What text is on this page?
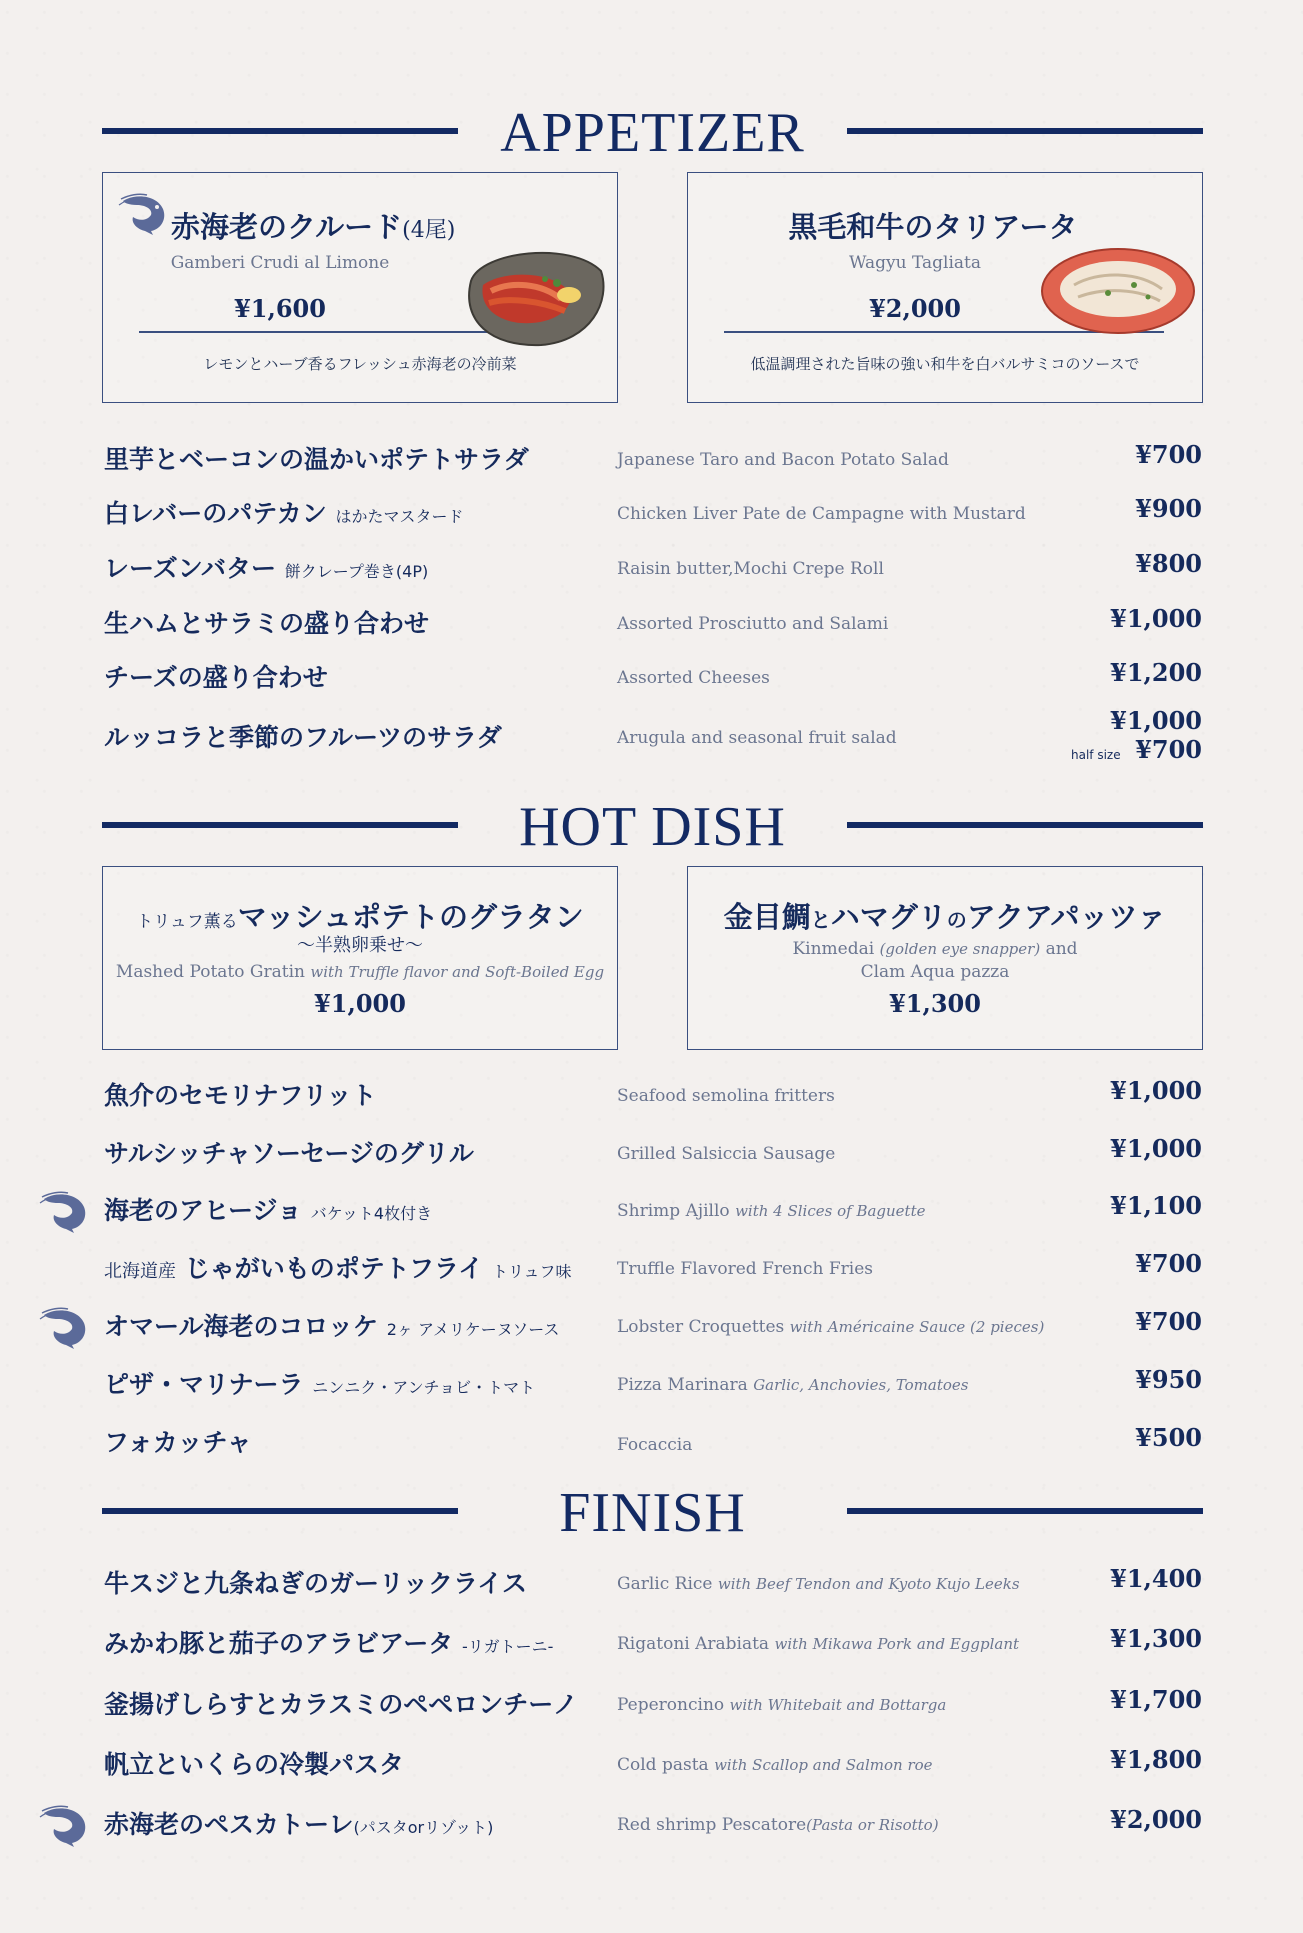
APPETIZER
赤海老のクルード(4尾)
Gamberi Crudi al Limone
¥1,600
レモンとハーブ香るフレッシュ赤海老の冷前菜
黒毛和牛のタリアータ
Wagyu Tagliata
¥2,000
低温調理された旨味の強い和牛を白バルサミコのソースで
里芋とベーコンの温かいポテトサラダ	Japanese Taro and Bacon Potato Salad	¥700
白レバーのパテカン はかたマスタード	Chicken Liver Pate de Campagne with Mustard	¥900
レーズンバター 餅クレープ巻き(4P)	Raisin butter,Mochi Crepe Roll	¥800
生ハムとサラミの盛り合わせ	Assorted Prosciutto and Salami	¥1,000
チーズの盛り合わせ	Assorted Cheeses	¥1,200
ルッコラと季節のフルーツのサラダ	Arugula and seasonal fruit salad
¥1,000
half size ¥700
HOT DISH
トリュフ薫るマッシュポテトのグラタン
〜半熟卵乗せ〜
Mashed Potato Gratin with Truffle flavor and Soft-Boiled Egg
¥1,000
金目鯛とハマグリのアクアパッツァ
Kinmedai (golden eye snapper) and
Clam Aqua pazza
¥1,300
魚介のセモリナフリット	Seafood semolina fritters	¥1,000
サルシッチャソーセージのグリル	Grilled Salsiccia Sausage	¥1,000
海老のアヒージョ バケット4枚付き	Shrimp Ajillo with 4 Slices of Baguette	¥1,100
北海道産 じゃがいものポテトフライ トリュフ味	Truffle Flavored French Fries	¥700
オマール海老のコロッケ 2ヶ アメリケーヌソース	Lobster Croquettes with Américaine Sauce (2 pieces)	¥700
ピザ・マリナーラ ニンニク・アンチョビ・トマト	Pizza Marinara Garlic, Anchovies, Tomatoes	¥950
フォカッチャ	Focaccia	¥500
FINISH
牛スジと九条ねぎのガーリックライス	Garlic Rice with Beef Tendon and Kyoto Kujo Leeks	¥1,400
みかわ豚と茄子のアラビアータ -リガトーニ-	Rigatoni Arabiata with Mikawa Pork and Eggplant	¥1,300
釜揚げしらすとカラスミのペペロンチーノ Peperoncino with Whitebait and Bottarga	¥1,700
帆立といくらの冷製パスタ	Cold pasta with Scallop and Salmon roe	¥1,800
赤海老のペスカトーレ(パスタorリゾット)	Red shrimp Pescatore(Pasta or Risotto)	¥2,000
